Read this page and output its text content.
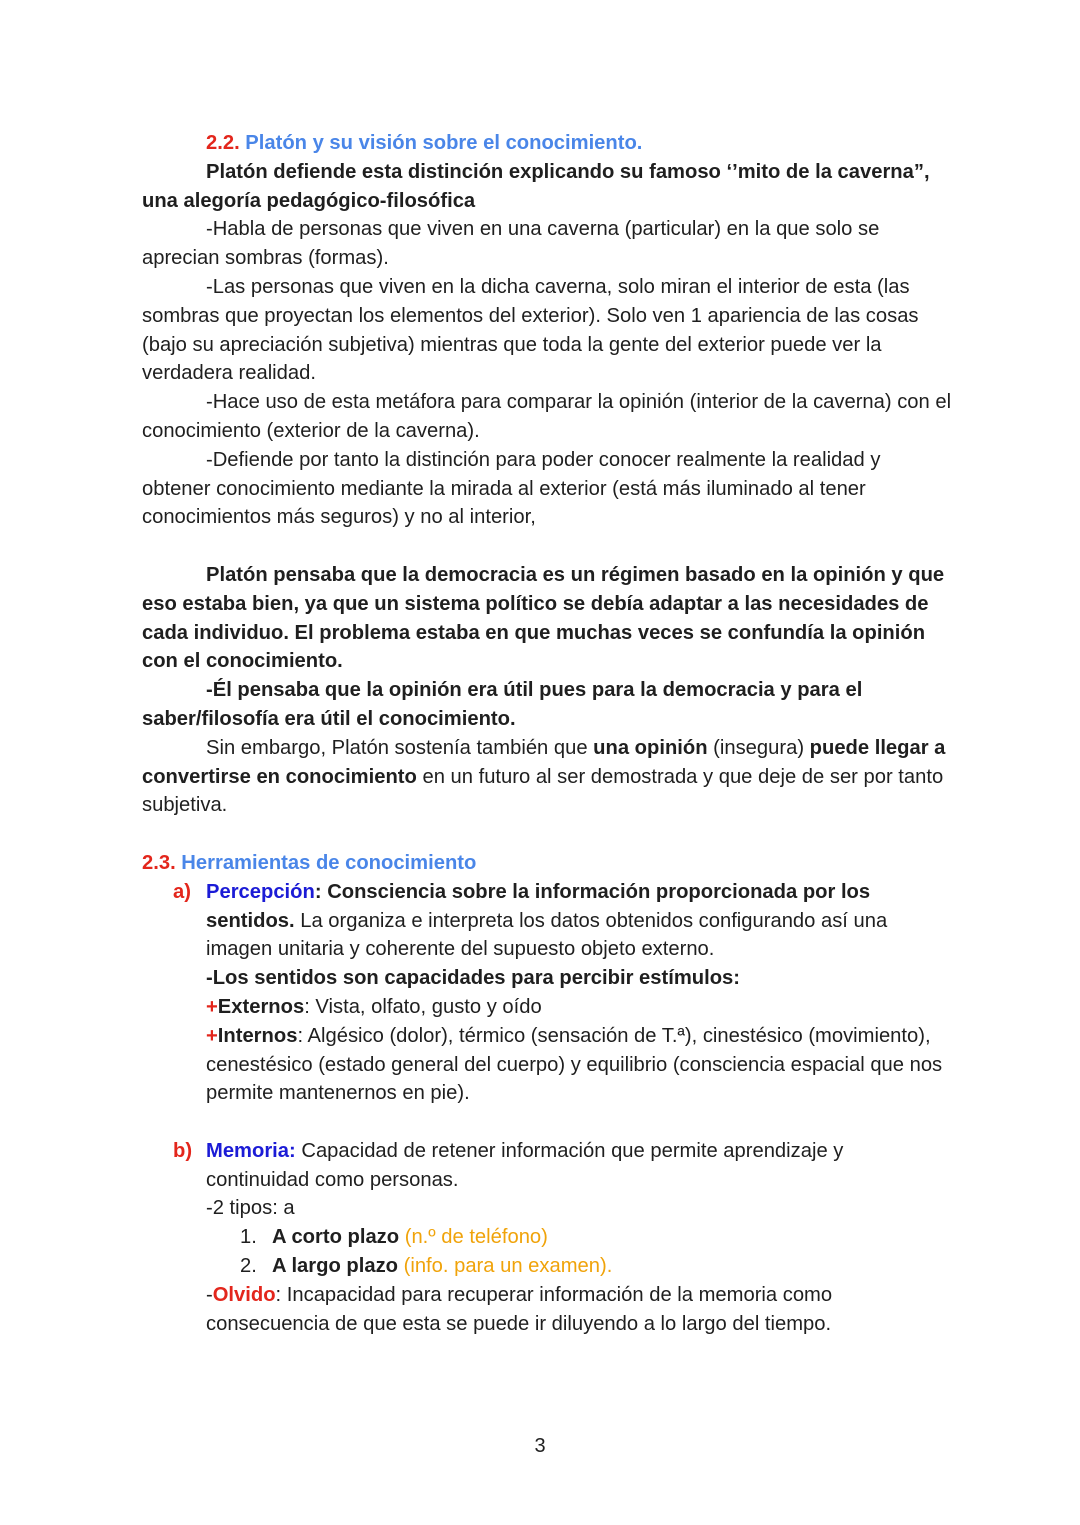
2.2. Platón y su visión sobre el conocimiento.

Platón defiende esta distinción explicando su famoso ‘’mito de la caverna”, una alegoría pedagógico-filosófica

-Habla de personas que viven en una caverna (particular) en la que solo se aprecian sombras (formas).

-Las personas que viven en la dicha caverna, solo miran el interior de esta (las sombras que proyectan los elementos del exterior). Solo ven 1 apariencia de las cosas (bajo su apreciación subjetiva) mientras que toda la gente del exterior puede ver la verdadera realidad.

-Hace uso de esta metáfora para comparar la opinión (interior de la caverna) con el conocimiento (exterior de la caverna).

-Defiende por tanto la distinción para poder conocer realmente la realidad y obtener conocimiento mediante la mirada al exterior (está más iluminado al tener conocimientos más seguros) y no al interior,

Platón pensaba que la democracia es un régimen basado en la opinión y que eso estaba bien, ya que un sistema político se debía adaptar a las necesidades de cada individuo. El problema estaba en que muchas veces se confundía la opinión con el conocimiento.

-Él pensaba que la opinión era útil pues para la democracia y para el saber/filosofía era útil el conocimiento.

Sin embargo, Platón sostenía también que una opinión (insegura) puede llegar a convertirse en conocimiento en un futuro al ser demostrada y que deje de ser por tanto subjetiva.

2.3. Herramientas de conocimiento

a) Percepción: Consciencia sobre la información proporcionada por los sentidos. La organiza e interpreta los datos obtenidos configurando así una imagen unitaria y coherente del supuesto objeto externo.
-Los sentidos son capacidades para percibir estímulos:
+Externos: Vista, olfato, gusto y oído
+Internos: Algésico (dolor), térmico (sensación de T.ª), cinestésico (movimiento), cenestésico (estado general del cuerpo) y equilibrio (consciencia espacial que nos permite mantenernos en pie).
b) Memoria: Capacidad de retener información que permite aprendizaje y continuidad como personas.
-2 tipos: a
1. A corto plazo (n.º de teléfono)
2. A largo plazo (info. para un examen).
-Olvido: Incapacidad para recuperar información de la memoria como consecuencia de que esta se puede ir diluyendo a lo largo del tiempo.
3
